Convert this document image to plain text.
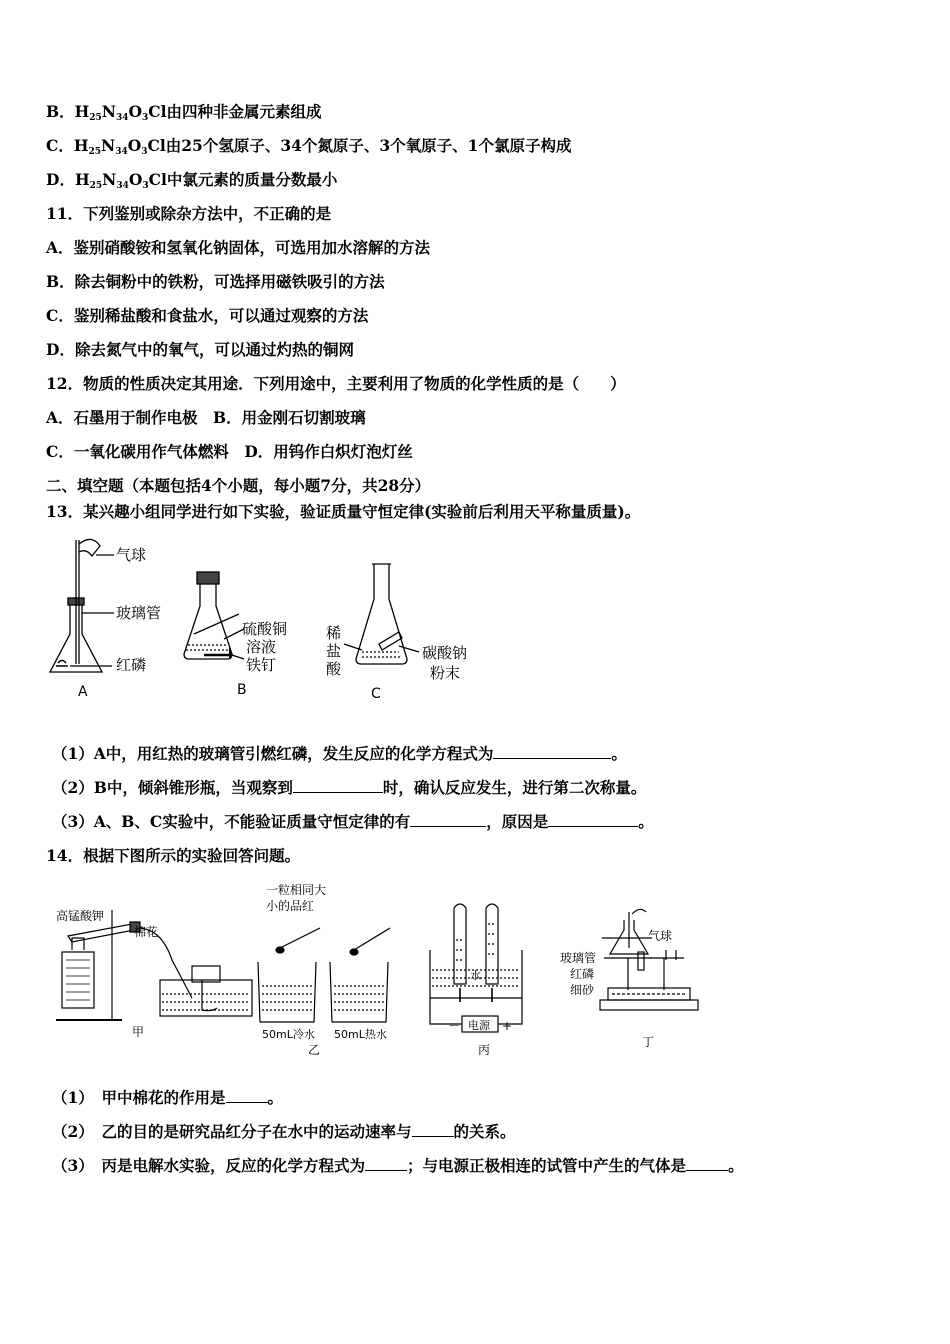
B．$H_{25}N_{34}O_3Cl$由四种非金属元素组成
C．$H_{25}N_{34}O_3Cl$由25个氢原子、34个氮原子、3个氧原子、1个氯原子构成
D．$H_{25}N_{34}O_3Cl$中氯元素的质量分数最小
11．下列鉴别或除杂方法中，不正确的是
A．鉴别硝酸铵和氢氧化钠固体，可选用加水溶解的方法
B．除去铜粉中的铁粉，可选择用磁铁吸引的方法
C．鉴别稀盐酸和食盐水，可以通过观察的方法
D．除去氮气中的氧气，可以通过灼热的铜网
12．物质的性质决定其用途．下列用途中，主要利用了物质的化学性质的是（　　）
A．石墨用于制作电极　B．用金刚石切割玻璃
C．一氧化碳用作气体燃料　D．用钨作白炽灯泡灯丝
二、填空题（本题包括4个小题，每小题7分，共28分）
13．某兴趣小组同学进行如下实验，验证质量守恒定律(实验前后利用天平称量质量)。
气球
玻璃管
红磷
硫酸铜
溶液
铁钉
稀
盐
酸
碳酸钠
粉末
A	B	C
（1）A中，用红热的玻璃管引燃红磷，发生反应的化学方程式为	。
（2）B中，倾斜锥形瓶，当观察到	时，确认反应发生，进行第二次称量。
（3）A、B、C实验中，不能验证质量守恒定律的有	，原因是	。
14．根据下图所示的实验回答问题。
高锰酸钾
棉花
一粒相同大
小的品红
50mL冷水 50mL热水
水
－ 电源 +
气球
玻璃管
红磷
细砂
甲
乙	丙
丁
（1）　甲中棉花的作用是	。
（2）　乙的目的是研究品红分子在水中的运动速率与	的关系。
（3）　丙是电解水实验，反应的化学方程式为	；与电源正极相连的试管中产生的气体是	。
